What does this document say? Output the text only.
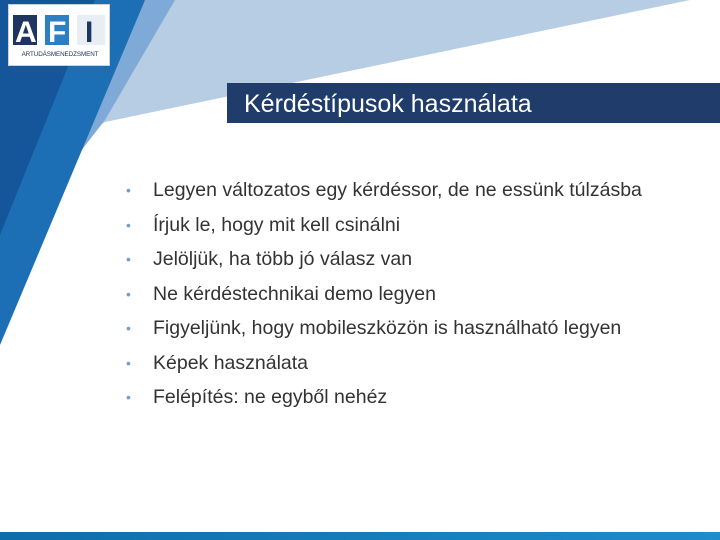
A F I
ARTUDÁSMENEDZSMENT
Kérdéstípusok használata
• Legyen változatos egy kérdéssor, de ne essünk túlzásba
• Írjuk le, hogy mit kell csinálni
• Jelöljük, ha több jó válasz van
• Ne kérdéstechnikai demo legyen
• Figyeljünk, hogy mobileszközön is használható legyen
• Képek használata
• Felépítés: ne egyből nehéz
